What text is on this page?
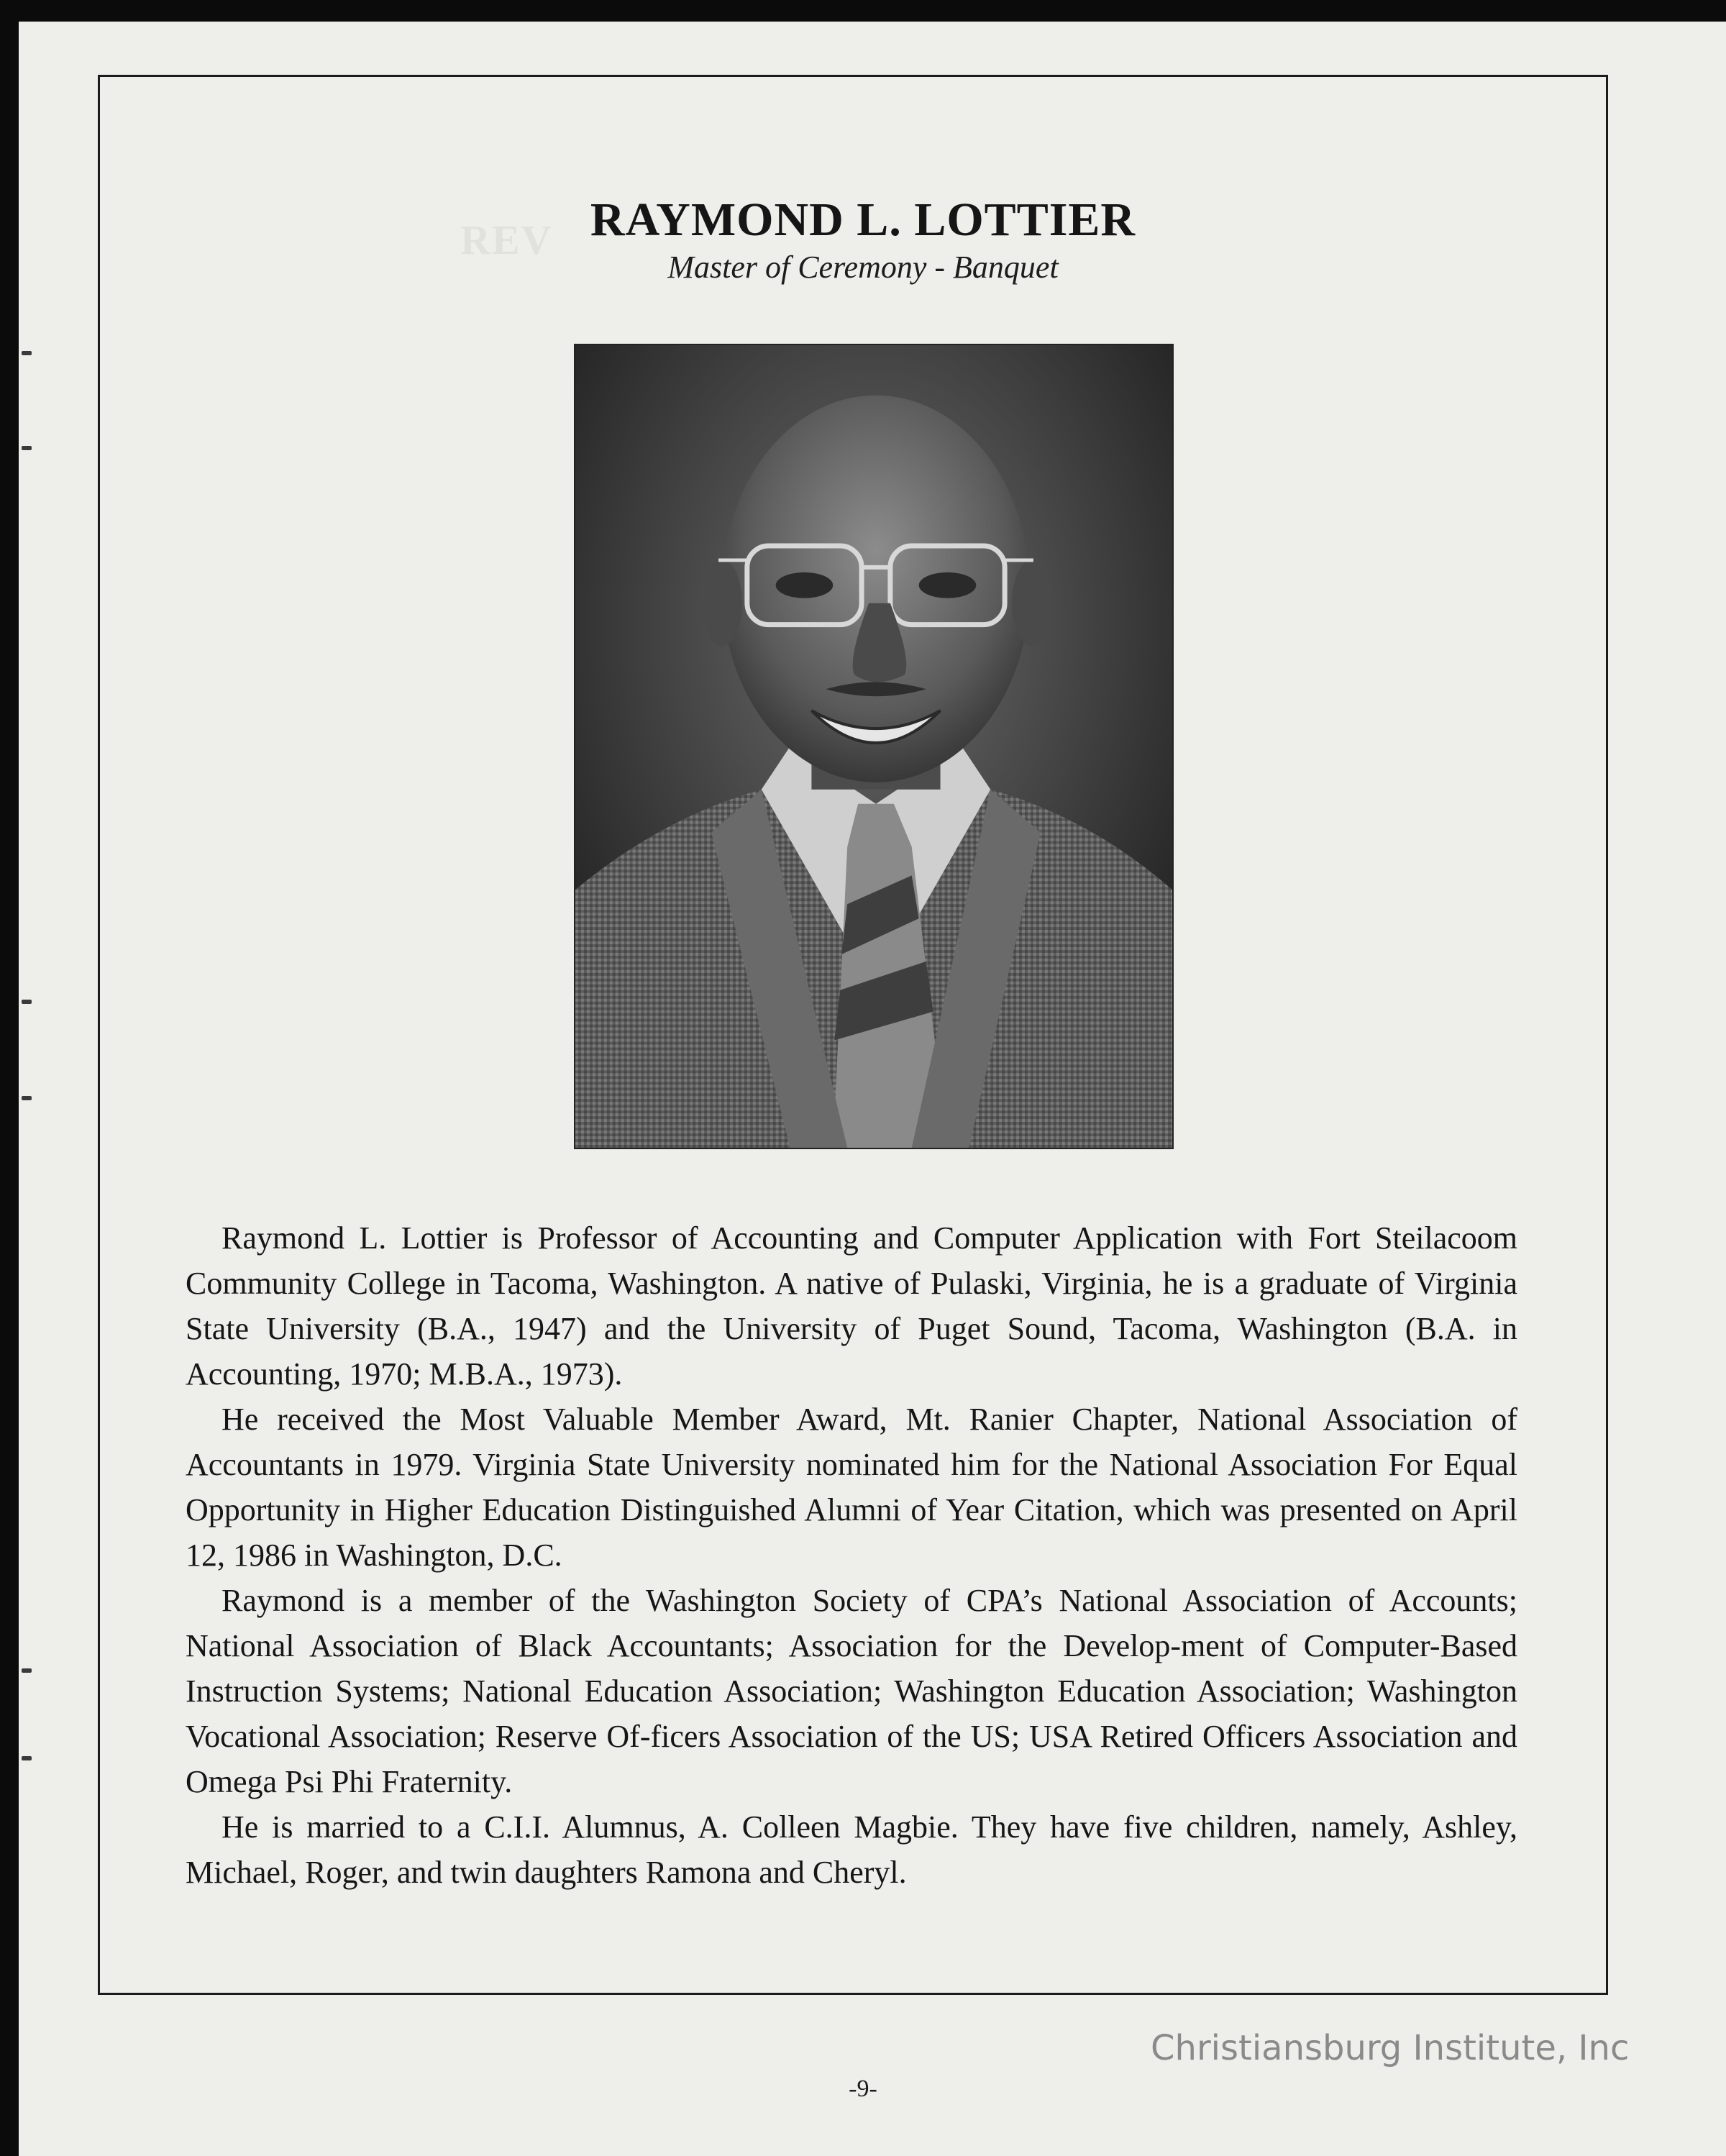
REV RAYMOND L. LOTTIER
Master of Ceremony - Banquet

Raymond L. Lottier is Professor of Accounting and Computer Application with Fort Steilacoom Community College in Tacoma, Washington. A native of Pulaski, Virginia, he is a graduate of Virginia State University (B.A., 1947) and the University of Puget Sound, Tacoma, Washington (B.A. in Accounting, 1970; M.B.A., 1973).

He received the Most Valuable Member Award, Mt. Ranier Chapter, National Association of Accountants in 1979. Virginia State University nominated him for the National Association For Equal Opportunity in Higher Education Distinguished Alumni of Year Citation, which was presented on April 12, 1986 in Washington, D.C.

Raymond is a member of the Washington Society of CPA’s National Association of Accounts; National Association of Black Accountants; Association for the Develop-ment of Computer-Based Instruction Systems; National Education Association; Washington Education Association; Washington Vocational Association; Reserve Of-ficers Association of the US; USA Retired Officers Association and Omega Psi Phi Fraternity.

He is married to a C.I.I. Alumnus, A. Colleen Magbie. They have five children, namely, Ashley, Michael, Roger, and twin daughters Ramona and Cheryl.

Christiansburg Institute, Inc
-9-
